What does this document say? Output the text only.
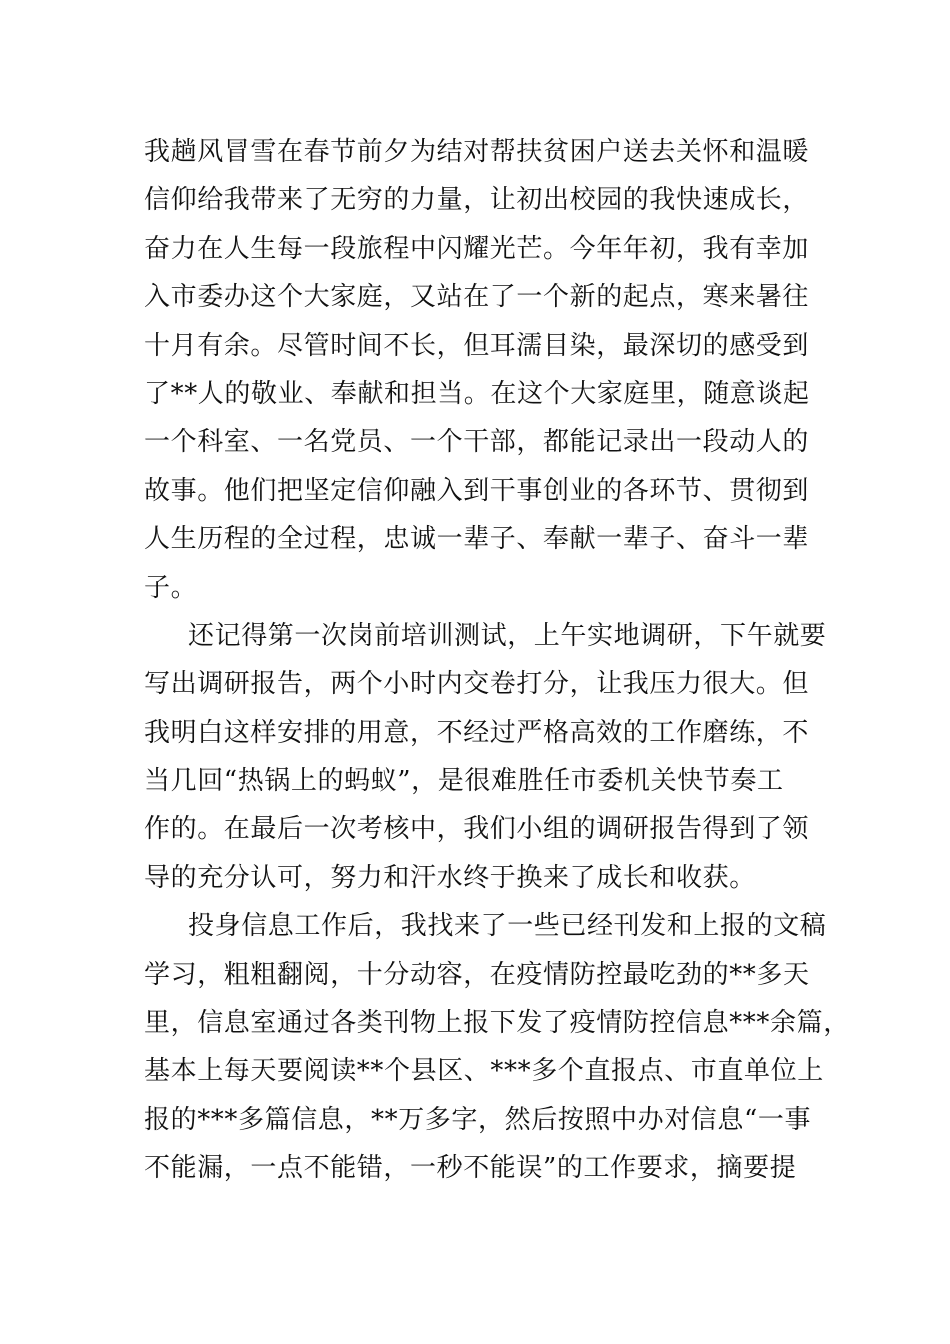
我趟风冒雪在春节前夕为结对帮扶贫困户送去关怀和温暖
信仰给我带来了无穷的力量，让初出校园的我快速成长，
奋力在人生每一段旅程中闪耀光芒。今年年初，我有幸加
入市委办这个大家庭，又站在了一个新的起点，寒来暑往
十月有余。尽管时间不长，但耳濡目染，最深切的感受到
了**人的敬业、奉献和担当。在这个大家庭里，随意谈起
一个科室、一名党员、一个干部，都能记录出一段动人的
故事。他们把坚定信仰融入到干事创业的各环节、贯彻到
人生历程的全过程，忠诚一辈子、奉献一辈子、奋斗一辈
子。
还记得第一次岗前培训测试，上午实地调研，下午就要
写出调研报告，两个小时内交卷打分，让我压力很大。但
我明白这样安排的用意，不经过严格高效的工作磨练，不
当几回“热锅上的蚂蚁”，是很难胜任市委机关快节奏工
作的。在最后一次考核中，我们小组的调研报告得到了领
导的充分认可，努力和汗水终于换来了成长和收获。
投身信息工作后，我找来了一些已经刊发和上报的文稿
学习，粗粗翻阅，十分动容，在疫情防控最吃劲的**多天
里，信息室通过各类刊物上报下发了疫情防控信息***余篇，
基本上每天要阅读**个县区、***多个直报点、市直单位上
报的***多篇信息，**万多字，然后按照中办对信息“一事
不能漏，一点不能错，一秒不能误”的工作要求，摘要提
